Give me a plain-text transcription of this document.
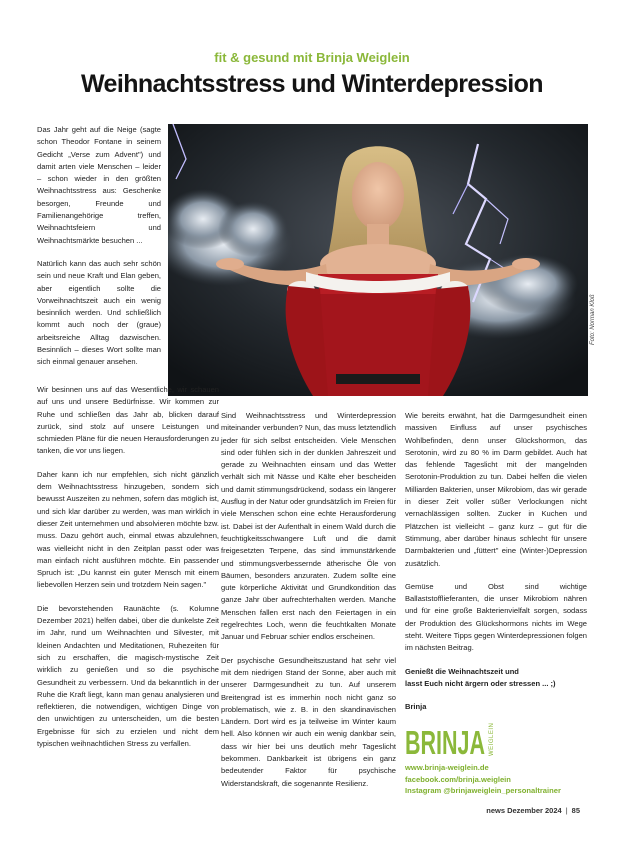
fit & gesund mit Brinja Weiglein
Weihnachtsstress und Winterdepression

Das Jahr geht auf die Neige (sagte schon Theodor Fontane in seinem Gedicht „Verse zum Advent") und damit arten viele Menschen – leider – schon wieder in den größten Weihnachtsstress aus: Geschenke besorgen, Freunde und Familienangehörige treffen, Weihnachtsfeiern und Weihnachtsmärkte besuchen ...

Natürlich kann das auch sehr schön sein und neue Kraft und Elan geben, aber eigentlich sollte die Vorweihnachtszeit auch ein wenig besinnlich werden. Und schließlich kommt auch noch der (graue) arbeitsreiche Alltag dazwischen. Besinnlich – dieses Wort sollte man sich einmal genauer ansehen.

Foto: Norman Kloß

Wir besinnen uns auf das Wesentliche, wir schauen auf uns und unsere Bedürfnisse. Wir kommen zur Ruhe und schließen das Jahr ab, blicken darauf zurück, sind stolz auf unsere Leistungen und schmieden Pläne für die neuen Herausforderungen zu tanken, die vor uns liegen.

Daher kann ich nur empfehlen, sich nicht gänzlich dem Weihnachtsstress hinzugeben, sondern sich bewusst Auszeiten zu nehmen, sofern das möglich ist, und sich klar darüber zu werden, was man wirklich in dieser Zeit unternehmen und absolvieren möchte bzw. muss. Dazu gehört auch, einmal etwas abzulehnen, was vielleicht nicht in den Zeitplan passt oder was man einfach nicht ausführen möchte. Ein passender Spruch ist: „Du kannst ein guter Mensch mit einem liebevollen Herzen sein und trotzdem Nein sagen."

Die bevorstehenden Raunächte (s. Kolumne Dezember 2021) helfen dabei, über die dunkelste Zeit im Jahr, rund um Weihnachten und Silvester, mit kleinen Andachten und Meditationen, Ruhezeiten für sich zu erschaffen, die magisch-mystische Zeit wirklich zu genießen und so die psychische Gesundheit zu verbessern. Und da bekanntlich in der Ruhe die Kraft liegt, kann man genau analysieren und reflektieren, die notwendigen, wichtigen Dinge von den unwichtigen zu unterscheiden, um die besten Ergebnisse für sich zu erzielen und nicht dem typischen weihnachtlichen Stress zu verfallen.

Sind Weihnachtsstress und Winterdepression miteinander verbunden? Nun, das muss letztendlich jeder für sich selbst entscheiden. Viele Menschen sind oder fühlen sich in der dunklen Jahreszeit und gerade zu Weihnachten einsam und das Wetter verhält sich mit Nässe und Kälte eher bescheiden und damit stimmungsdrückend, sodass ein längerer Ausflug in der Natur oder grundsätzlich im Freien für viele Menschen schon eine echte Herausforderung ist. Dabei ist der Aufenthalt in einem Wald durch die feuchtigkeitsschwangere Luft und die damit freigesetzten Terpene, das sind immunstärkende und stimmungsverbessernde ätherische Öle von Bäumen, besonders anzuraten. Zudem sollte eine gute körperliche Aktivität und Grundkondition das ganze Jahr über aufrechterhalten werden. Manche Menschen fallen erst nach den Feiertagen in ein regelrechtes Loch, wenn die feuchtkalten Monate Januar und Februar schier endlos erscheinen.

Der psychische Gesundheitszustand hat sehr viel mit dem niedrigen Stand der Sonne, aber auch mit unserer Darmgesundheit zu tun. Auf unserem Breitengrad ist es immerhin noch nicht ganz so problematisch, wie z. B. in den skandinavischen Ländern. Dort wird es ja teilweise im Winter kaum hell. Also können wir auch ein wenig dankbar sein, dass wir hier bei uns deutlich mehr Tageslicht bekommen. Dankbarkeit ist übrigens ein ganz bedeutender Faktor für psychische Widerstandskraft, die sogenannte Resilienz.

Wie bereits erwähnt, hat die Darmgesundheit einen massiven Einfluss auf unser psychisches Wohlbefinden, denn unser Glückshormon, das Serotonin, wird zu 80 % im Darm gebildet. Auch hat das fehlende Tageslicht mit der mangelnden Serotonin-Produktion zu tun. Dabei helfen die vielen Milliarden Bakterien, unser Mikrobiom, das wir gerade in dieser Zeit voller süßer Verlockungen nicht vernachlässigen sollten. Zucker in Kuchen und Plätzchen ist vielleicht – ganz kurz – gut für die Stimmung, aber darüber hinaus schlecht für unsere Darmbakterien und „füttert" eine (Winter-)Depression zusätzlich.

Gemüse und Obst sind wichtige Ballaststofflieferanten, die unser Mikrobiom nähren und für eine große Bakterienvielfalt sorgen, sodass der Produktion des Glückshormons nichts im Wege steht. Weitere Tipps gegen Winterdepressionen folgen im nächsten Beitrag.

Genießt die Weihnachtszeit und
lasst Euch nicht ärgern oder stressen ... ;)

Brinja

BRINJA WEIGLEIN
www.brinja-weiglein.de
facebook.com/brinja.weiglein
Instagram @brinjaweiglein_personaltrainer
news Dezember 2024 | 85
